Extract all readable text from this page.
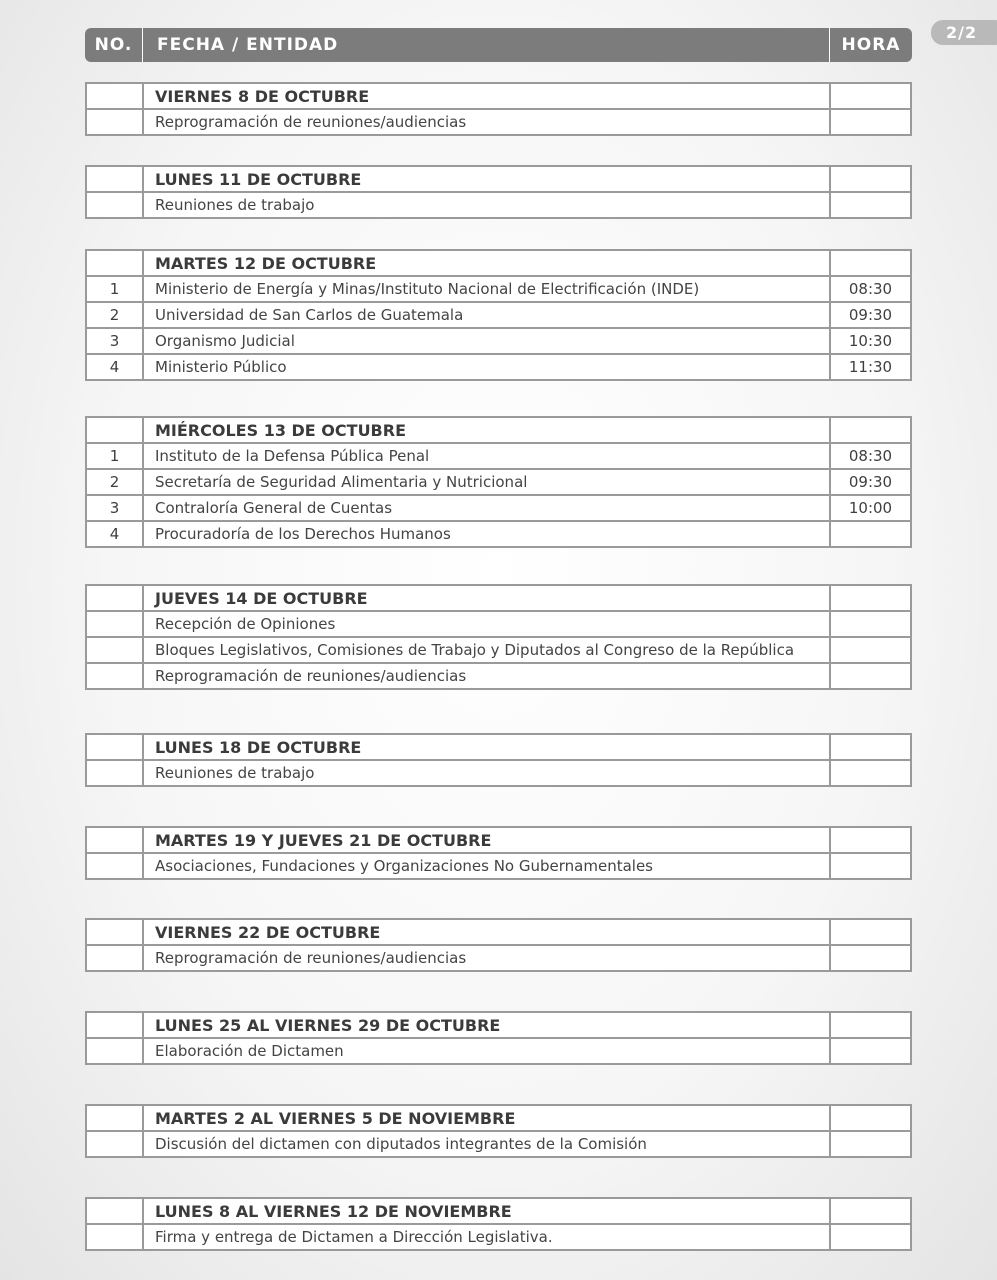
2/2
NO.	FECHA / ENTIDAD	HORA
	VIERNES 8 DE OCTUBRE	
	Reprogramación de reuniones/audiencias	
	LUNES 11 DE OCTUBRE	
	Reuniones de trabajo	
	MARTES 12 DE OCTUBRE	
1	Ministerio de Energía y Minas/Instituto Nacional de Electrificación (INDE)	08:30
2	Universidad de San Carlos de Guatemala	09:30
3	Organismo Judicial	10:30
4	Ministerio Público	11:30
	MIÉRCOLES 13 DE OCTUBRE	
1	Instituto de la Defensa Pública Penal	08:30
2	Secretaría de Seguridad Alimentaria y Nutricional	09:30
3	Contraloría General de Cuentas	10:00
4	Procuradoría de los Derechos Humanos	
	JUEVES 14 DE OCTUBRE	
	Recepción de Opiniones	
	Bloques Legislativos, Comisiones de Trabajo y Diputados al Congreso de la República	
	Reprogramación de reuniones/audiencias	
	LUNES 18 DE OCTUBRE	
	Reuniones de trabajo	
	MARTES 19 Y JUEVES 21 DE OCTUBRE	
	Asociaciones, Fundaciones y Organizaciones No Gubernamentales	
	VIERNES 22 DE OCTUBRE	
	Reprogramación de reuniones/audiencias	
	LUNES 25 AL VIERNES 29 DE OCTUBRE	
	Elaboración de Dictamen	
	MARTES 2 AL VIERNES 5 DE NOVIEMBRE	
	Discusión del dictamen con diputados integrantes de la Comisión	
	LUNES 8 AL VIERNES 12 DE NOVIEMBRE	
	Firma y entrega de Dictamen a Dirección Legislativa.	
